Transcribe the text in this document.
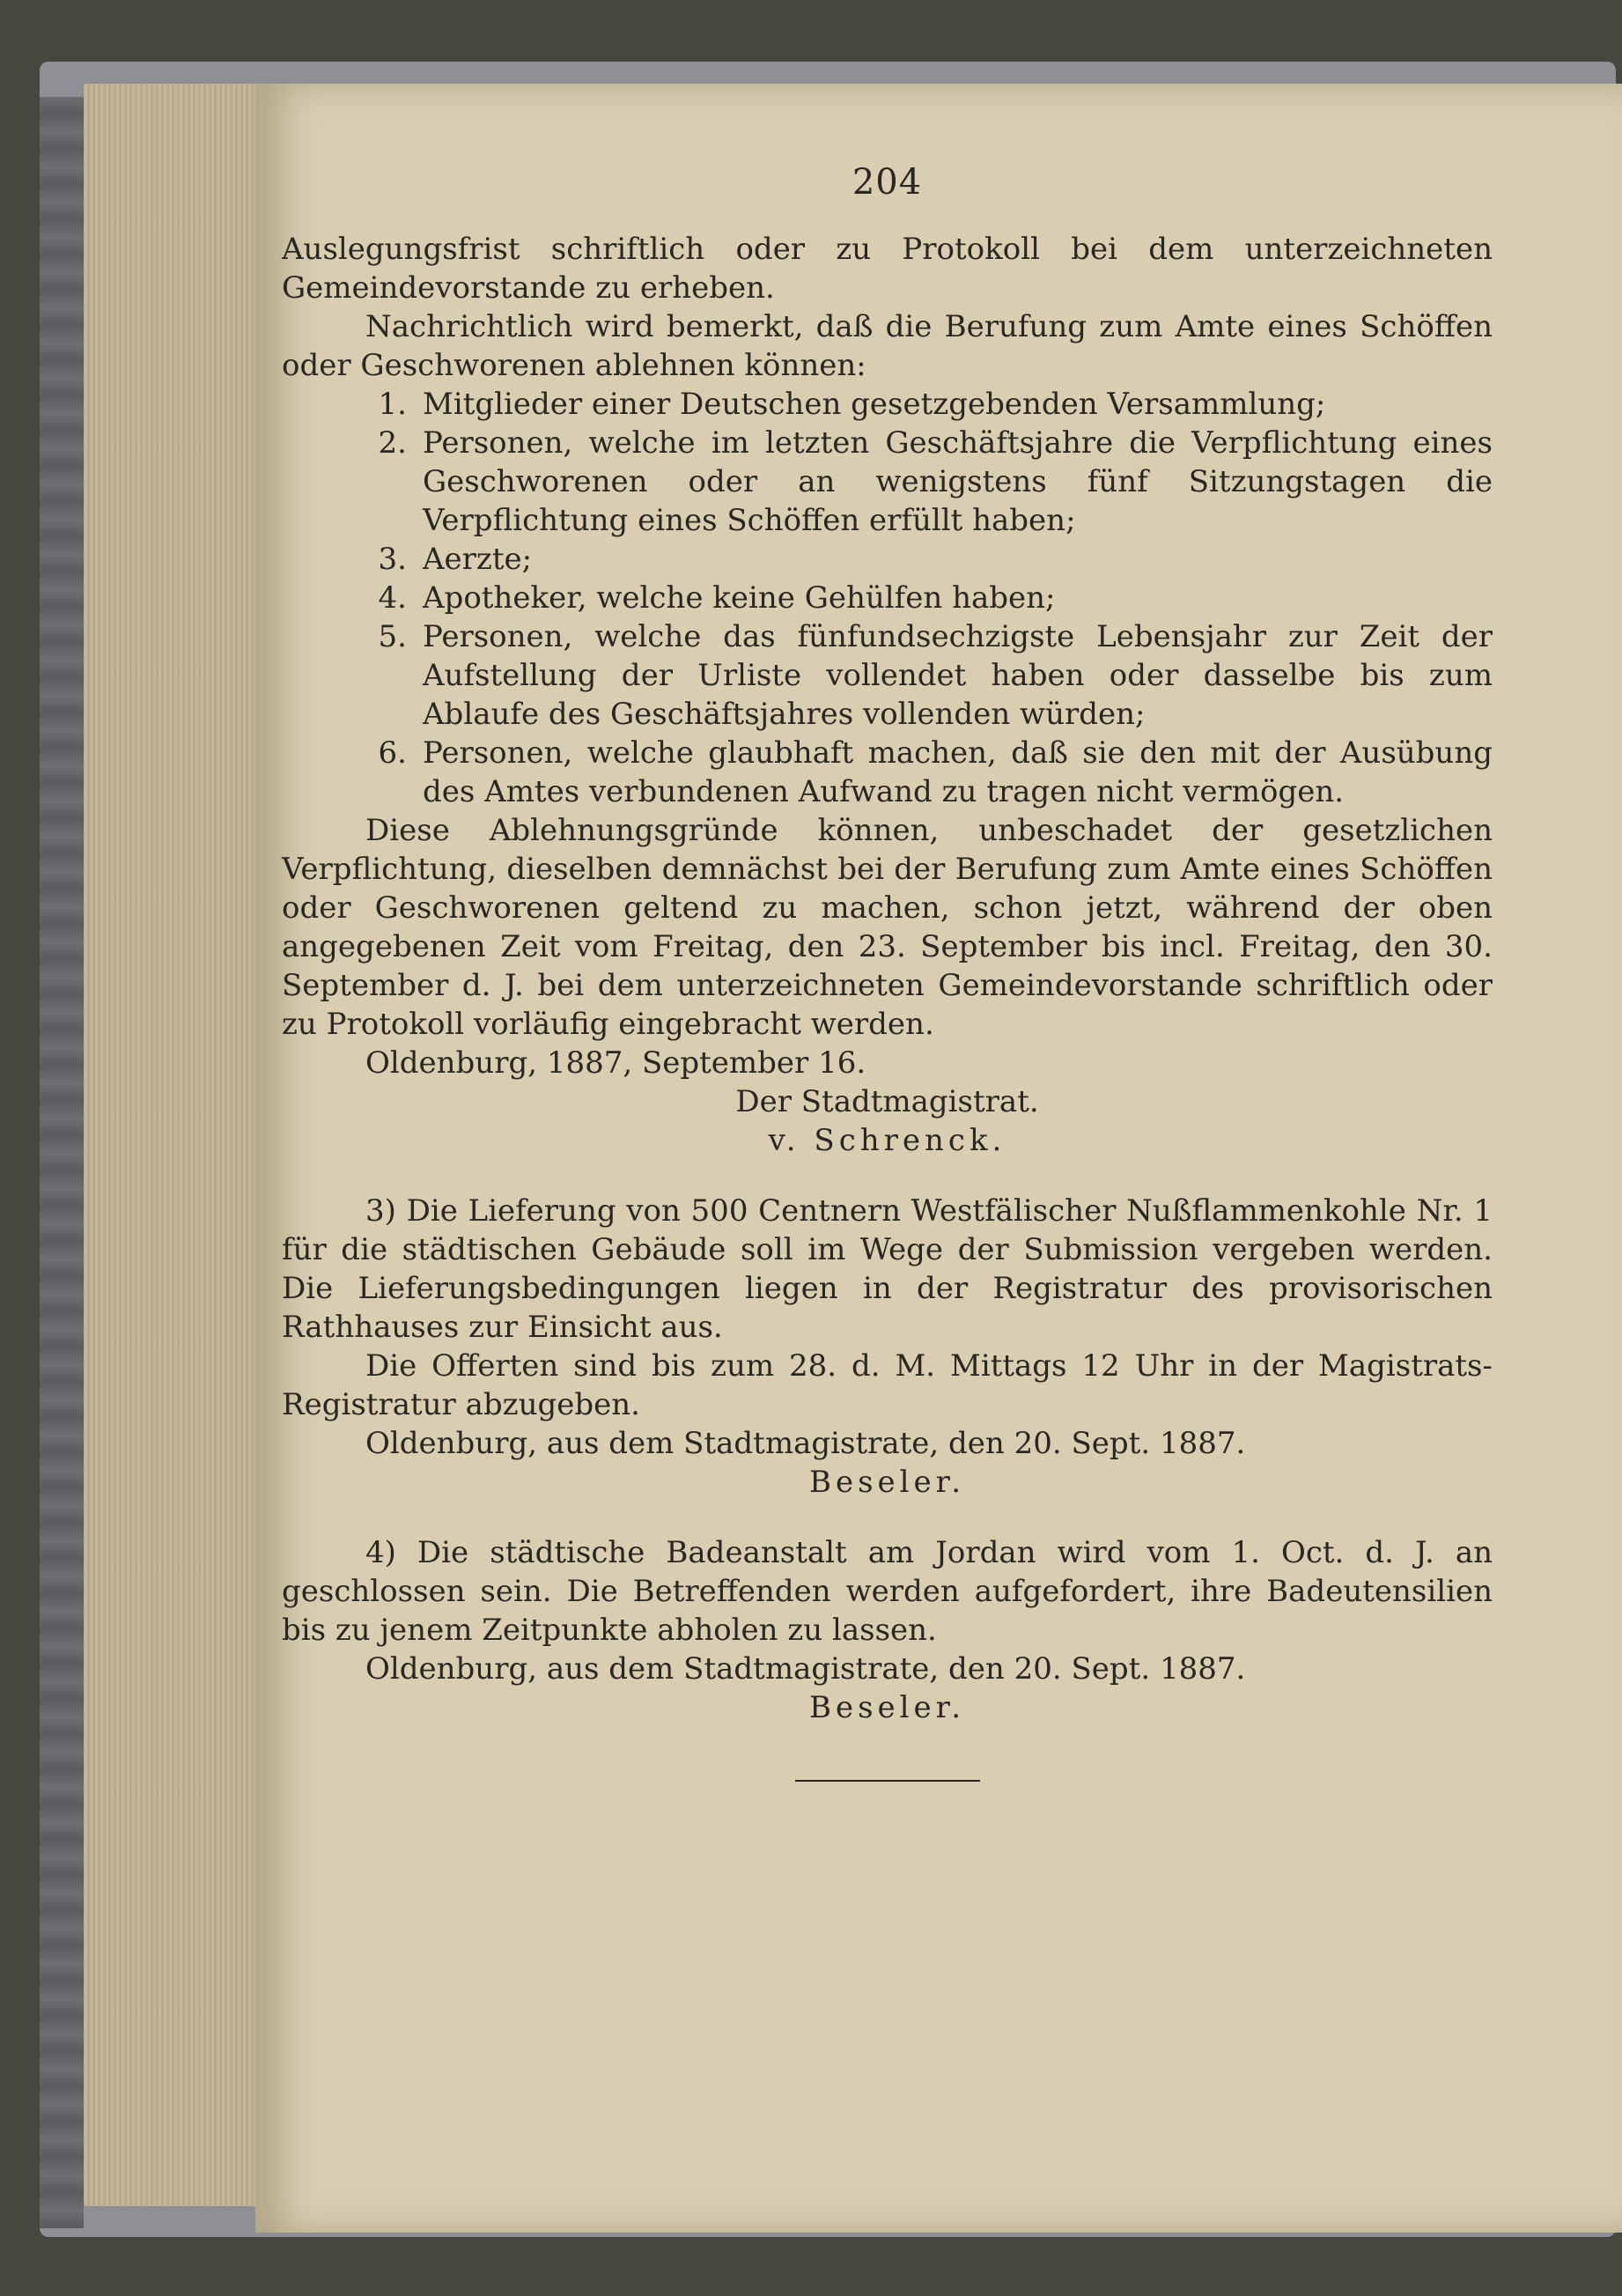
204

Auslegungsfrist schriftlich oder zu Protokoll bei dem unterzeichneten Gemeindevorstande zu erheben.

Nachrichtlich wird bemerkt, daß die Berufung zum Amte eines Schöffen oder Geschworenen ablehnen können:

1. Mitglieder einer Deutschen gesetzgebenden Versammlung;
2. Personen, welche im letzten Geschäftsjahre die Verpflichtung eines Geschworenen oder an wenigstens fünf Sitzungstagen die Verpflichtung eines Schöffen erfüllt haben;
3. Aerzte;
4. Apotheker, welche keine Gehülfen haben;
5. Personen, welche das fünfundsechzigste Lebensjahr zur Zeit der Aufstellung der Urliste vollendet haben oder dasselbe bis zum Ablaufe des Geschäftsjahres vollenden würden;
6. Personen, welche glaubhaft machen, daß sie den mit der Ausübung des Amtes verbundenen Aufwand zu tragen nicht vermögen.

Diese Ablehnungsgründe können, unbeschadet der gesetzlichen Verpflichtung, dieselben demnächst bei der Berufung zum Amte eines Schöffen oder Geschworenen geltend zu machen, schon jetzt, während der oben angegebenen Zeit vom Freitag, den 23. September bis incl. Freitag, den 30. September d. J. bei dem unterzeichneten Gemeindevorstande schriftlich oder zu Protokoll vorläufig eingebracht werden.

Oldenburg, 1887, September 16.

Der Stadtmagistrat.

v. Schrenck.

3) Die Lieferung von 500 Centnern Westfälischer Nußflammenkohle Nr. 1 für die städtischen Gebäude soll im Wege der Submission vergeben werden. Die Lieferungsbedingungen liegen in der Registratur des provisorischen Rathhauses zur Einsicht aus.

Die Offerten sind bis zum 28. d. M. Mittags 12 Uhr in der Magistrats-Registratur abzugeben.

Oldenburg, aus dem Stadtmagistrate, den 20. Sept. 1887.

Beseler.

4) Die städtische Badeanstalt am Jordan wird vom 1. Oct. d. J. an geschlossen sein. Die Betreffenden werden aufgefordert, ihre Badeutensilien bis zu jenem Zeitpunkte abholen zu lassen.

Oldenburg, aus dem Stadtmagistrate, den 20. Sept. 1887.

Beseler.
